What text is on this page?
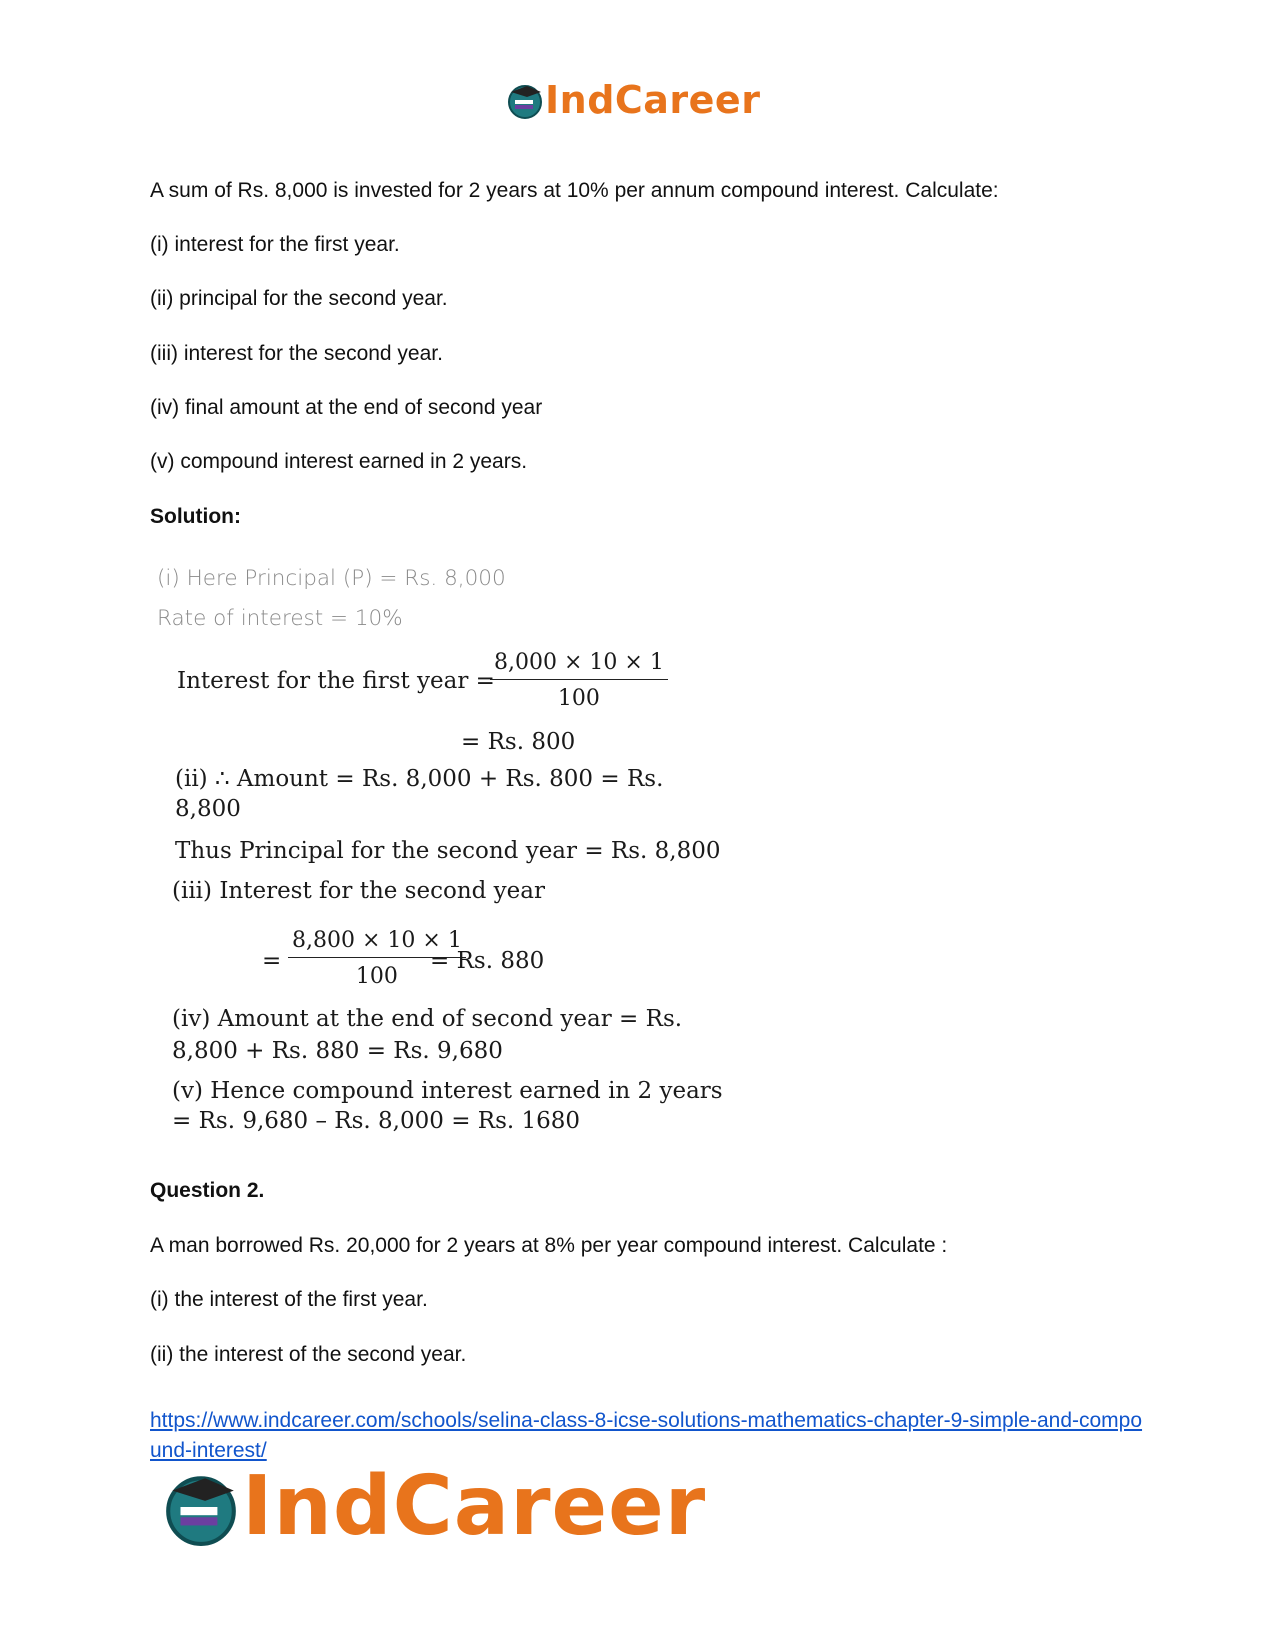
IndCareer

A sum of Rs. 8,000 is invested for 2 years at 10% per annum compound interest. Calculate:

(i) interest for the first year.

(ii) principal for the second year.

(iii) interest for the second year.

(iv) final amount at the end of second year

(v) compound interest earned in 2 years.

Solution:

(i) Here Principal (P) = Rs. 8,000

Rate of interest = 10%

Interest for the first year =

$\frac{8,000 \times 10 \times 1}{100}$

= Rs. 800

(ii) ∴ Amount = Rs. 8,000 + Rs. 800 = Rs.

8,800

Thus Principal for the second year = Rs. 8,800

(iii) Interest for the second year

= $\frac{8,800 \times 10 \times 1}{100}$

= Rs. 880

(iv) Amount at the end of second year = Rs.

8,800 + Rs. 880 = Rs. 9,680

(v) Hence compound interest earned in 2 years

= Rs. 9,680 – Rs. 8,000 = Rs. 1680

Question 2.

A man borrowed Rs. 20,000 for 2 years at 8% per year compound interest. Calculate :

(i) the interest of the first year.

(ii) the interest of the second year.

https://www.indcareer.com/schools/selina-class-8-icse-solutions-mathematics-chapter-9-simple-and-compound-interest/

IndCareer
